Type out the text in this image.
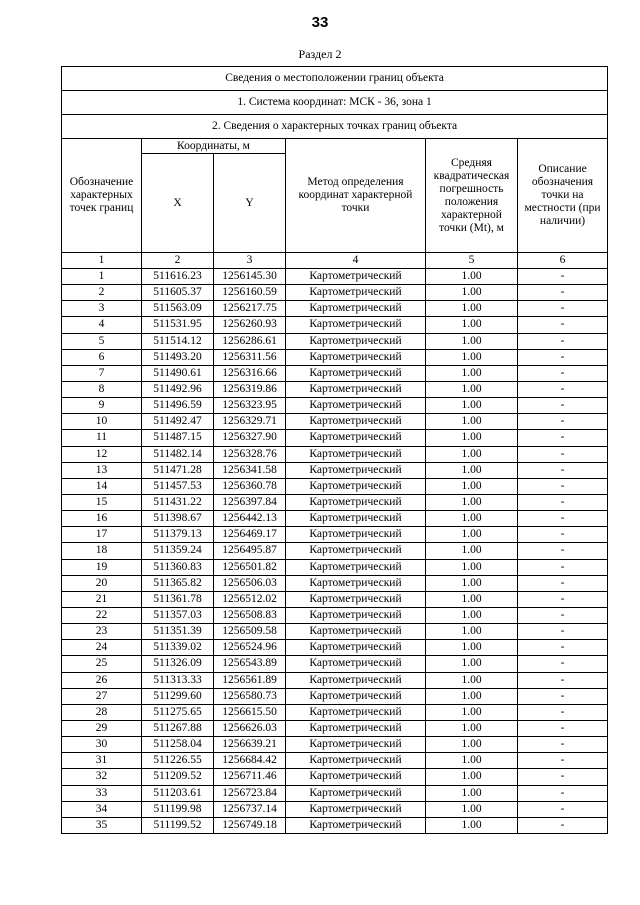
33
Раздел 2
Сведения о местоположении границ объекта					
1. Система координат: МСК - 36, зона 1					
2. Сведения о характерных точках границ объекта					
Обозначение характерных точек границ	Координаты, м		Метод определения координат характерной точки	Средняя квадратическая погрешность положения характерной точки (Mt), м	Описание обозначения точки на местности (при наличии)
	X	Y			
1	2	3	4	5	6
1	511616.23	1256145.30	Картометрический	1.00	-
2	511605.37	1256160.59	Картометрический	1.00	-
3	511563.09	1256217.75	Картометрический	1.00	-
4	511531.95	1256260.93	Картометрический	1.00	-
5	511514.12	1256286.61	Картометрический	1.00	-
6	511493.20	1256311.56	Картометрический	1.00	-
7	511490.61	1256316.66	Картометрический	1.00	-
8	511492.96	1256319.86	Картометрический	1.00	-
9	511496.59	1256323.95	Картометрический	1.00	-
10	511492.47	1256329.71	Картометрический	1.00	-
11	511487.15	1256327.90	Картометрический	1.00	-
12	511482.14	1256328.76	Картометрический	1.00	-
13	511471.28	1256341.58	Картометрический	1.00	-
14	511457.53	1256360.78	Картометрический	1.00	-
15	511431.22	1256397.84	Картометрический	1.00	-
16	511398.67	1256442.13	Картометрический	1.00	-
17	511379.13	1256469.17	Картометрический	1.00	-
18	511359.24	1256495.87	Картометрический	1.00	-
19	511360.83	1256501.82	Картометрический	1.00	-
20	511365.82	1256506.03	Картометрический	1.00	-
21	511361.78	1256512.02	Картометрический	1.00	-
22	511357.03	1256508.83	Картометрический	1.00	-
23	511351.39	1256509.58	Картометрический	1.00	-
24	511339.02	1256524.96	Картометрический	1.00	-
25	511326.09	1256543.89	Картометрический	1.00	-
26	511313.33	1256561.89	Картометрический	1.00	-
27	511299.60	1256580.73	Картометрический	1.00	-
28	511275.65	1256615.50	Картометрический	1.00	-
29	511267.88	1256626.03	Картометрический	1.00	-
30	511258.04	1256639.21	Картометрический	1.00	-
31	511226.55	1256684.42	Картометрический	1.00	-
32	511209.52	1256711.46	Картометрический	1.00	-
33	511203.61	1256723.84	Картометрический	1.00	-
34	511199.98	1256737.14	Картометрический	1.00	-
35	511199.52	1256749.18	Картометрический	1.00	-
